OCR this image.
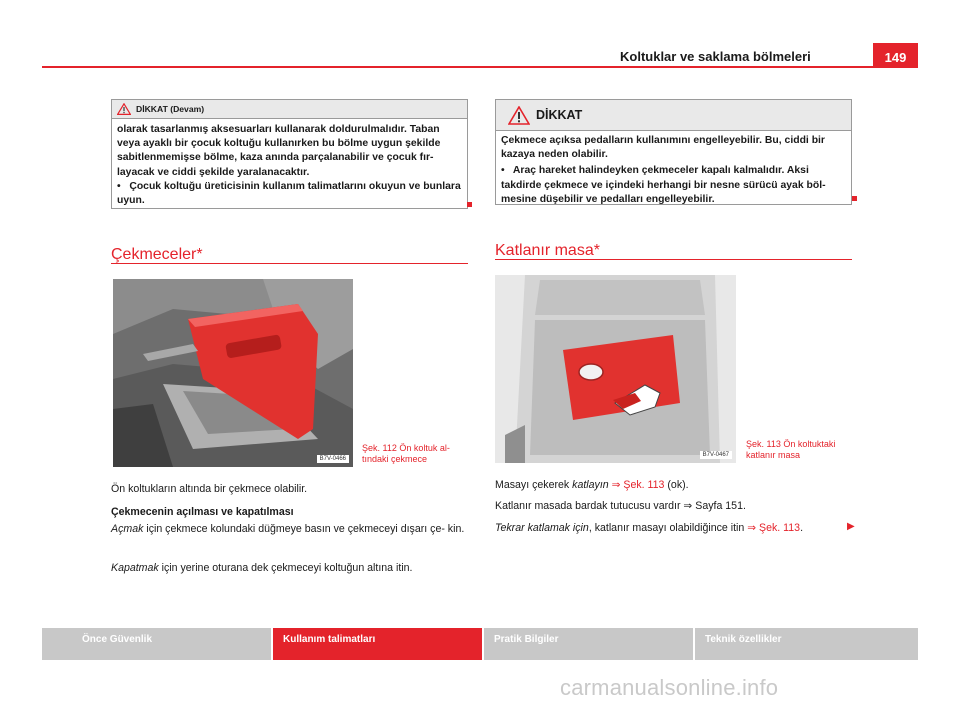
Koltuklar ve saklama bölmeleri	149
DİKKAT (Devam)

olarak tasarlanmış aksesuarları kullanarak doldurulmalıdır. Taban veya ayaklı bir çocuk koltuğu kullanırken bu bölme uygun şekilde sabitlenmemişse bölme, kaza anında parçalanabilir ve çocuk fır- layacak ve ciddi şekilde yaralanacaktır.

• Çocuk koltuğu üreticisinin kullanım talimatlarını okuyun ve bunlara uyun.

DİKKAT

Çekmece açıksa pedalların kullanımını engelleyebilir. Bu, ciddi bir kazaya neden olabilir.

• Araç hareket halindeyken çekmeceler kapalı kalmalıdır. Aksi takdirde çekmece ve içindeki herhangi bir nesne sürücü ayak böl- mesine düşebilir ve pedalları engelleyebilir.

Çekmeceler*
B7V-0466
Şek. 112 Ön koltuk al-
tındaki çekmece
Ön koltukların altında bir çekmece olabilir.
Çekmecenin açılması ve kapatılması
Açmak için çekmece kolundaki düğmeye basın ve çekmeceyi dışarı çe- kin.
Kapatmak için yerine oturana dek çekmeceyi koltuğun altına itin.
Katlanır masa*
B7V-0467
Şek. 113 Ön koltuktaki
katlanır masa
Masayı çekerek katlayın ⇒ Şek. 113 (ok).
Katlanır masada bardak tutucusu vardır ⇒ Sayfa 151.
Tekrar katlamak için, katlanır masayı olabildiğince itin ⇒ Şek. 113.	▶
Önce Güvenlik	Kullanım talimatları	Pratik Bilgiler	Teknik özellikler
carmanualsonline.info
